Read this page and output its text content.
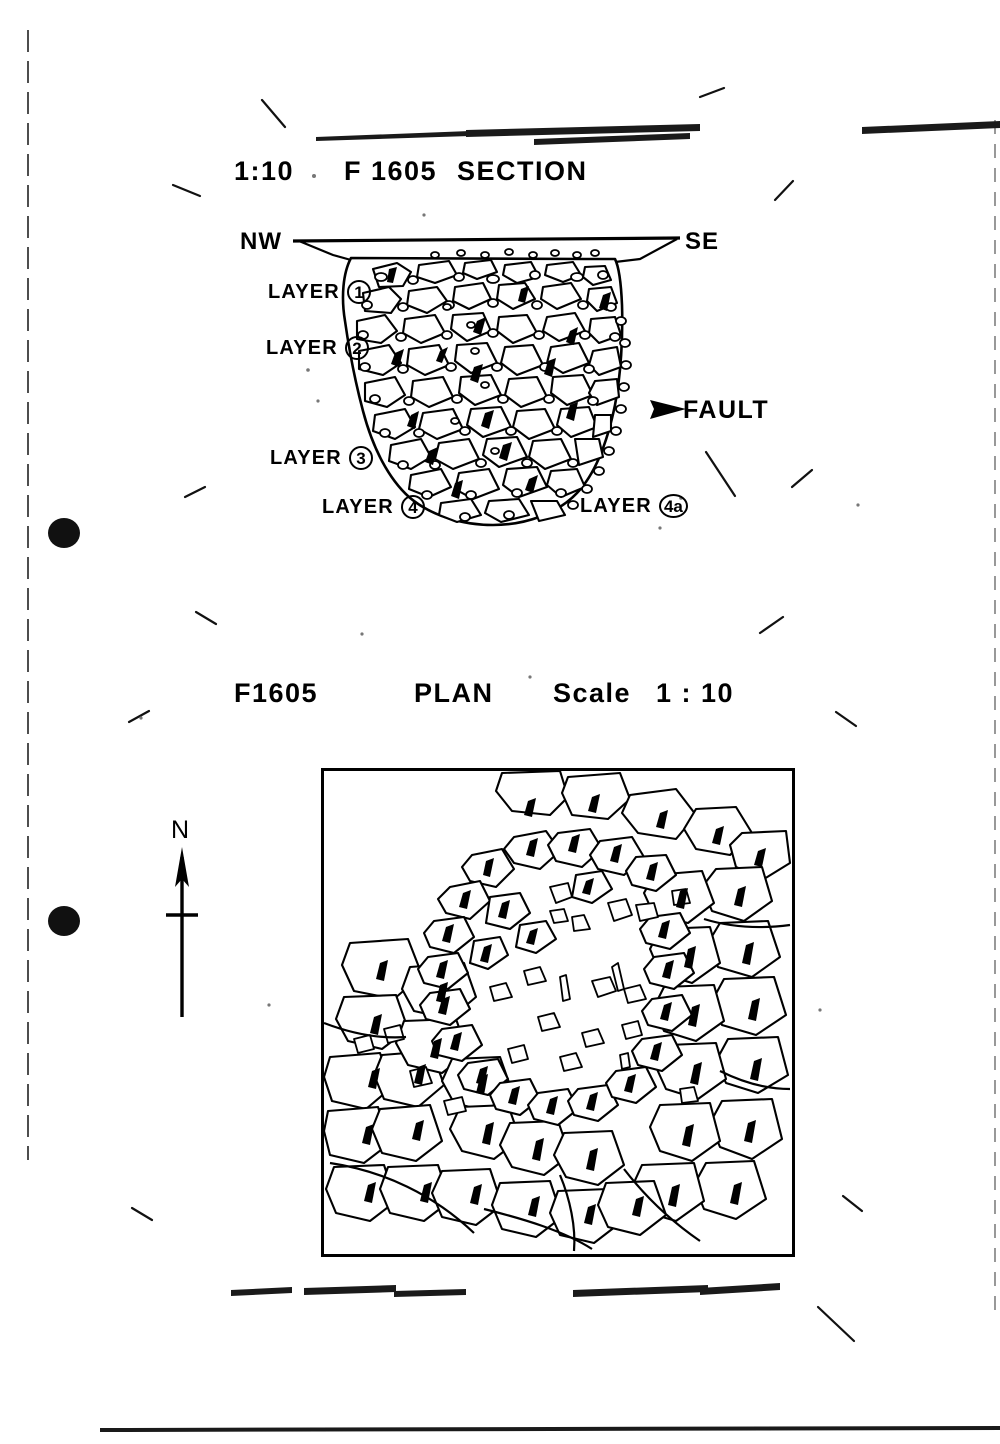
1:10 F 1605 SECTION
NW	SE
LAYER 1
LAYER 2
LAYER 3
LAYER 4	LAYER 4a
FAULT
F1605	PLAN Scale 1 : 10
N
